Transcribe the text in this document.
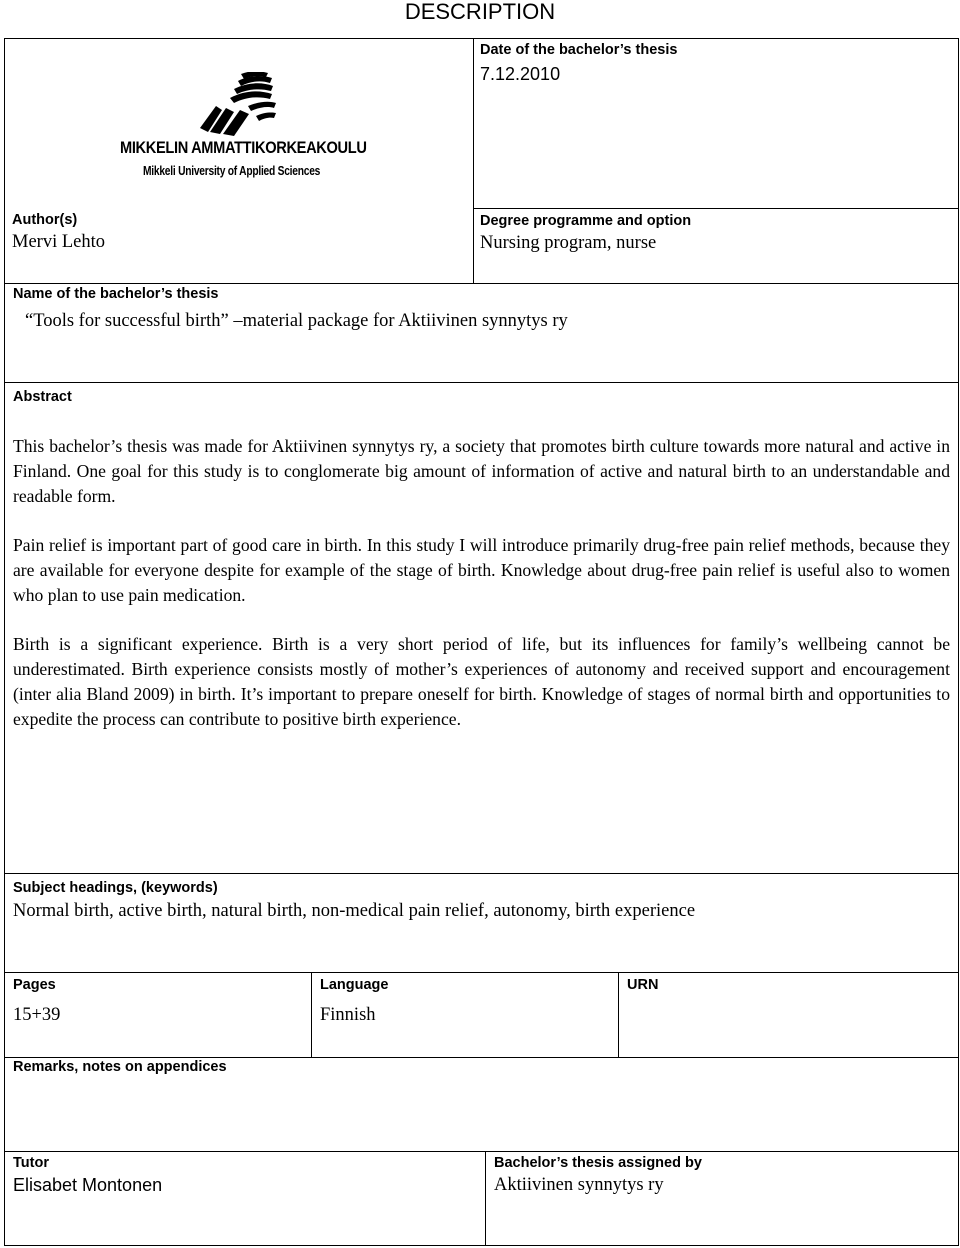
DESCRIPTION
MIKKELIN AMMATTIKORKEAKOULU
Mikkeli University of Applied Sciences
Date of the bachelor’s thesis
7.12.2010
Degree programme and option
Nursing program, nurse
Author(s)
Mervi Lehto
Name of the bachelor’s thesis
“Tools for successful birth” –material package for Aktiivinen synnytys ry
Abstract

This bachelor’s thesis was made for Aktiivinen synnytys ry, a society that promotes birth culture towards more natural and active in Finland. One goal for this study is to conglomerate big amount of information of active and natural birth to an understandable and readable form.

Pain relief is important part of good care in birth. In this study I will introduce primarily drug-free pain relief methods, because they are available for everyone despite for example of the stage of birth. Knowledge about drug-free pain relief is useful also to women who plan to use pain medication.

Birth is a significant experience. Birth is a very short period of life, but its influences for family’s wellbeing cannot be underestimated. Birth experience consists mostly of mother’s experiences of autonomy and received support and encouragement (inter alia Bland 2009) in birth. It’s important to prepare oneself for birth. Knowledge of stages of normal birth and opportunities to expedite the process can contribute to positive birth experience.

Subject headings, (keywords)
Normal birth, active birth, natural birth, non-medical pain relief, autonomy, birth experience
Pages
15+39
Language
Finnish
URN
Remarks, notes on appendices
Tutor
Elisabet Montonen
Bachelor’s thesis assigned by
Aktiivinen synnytys ry
